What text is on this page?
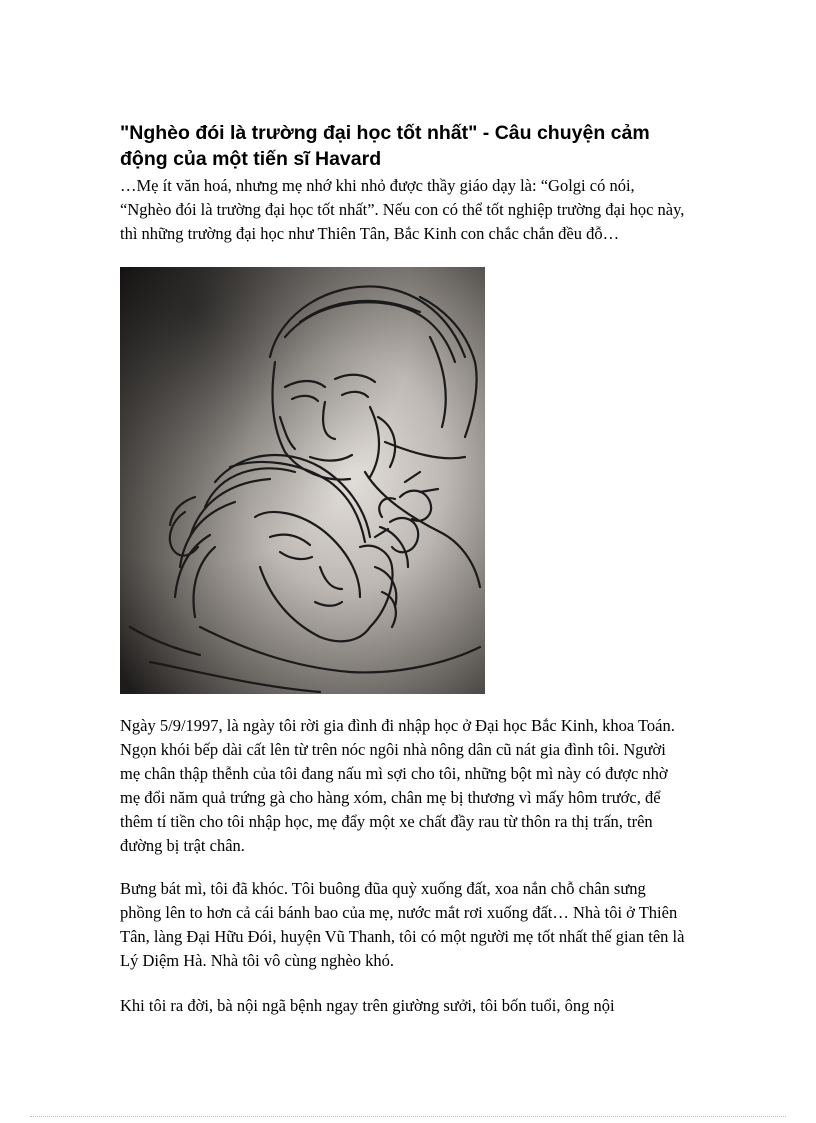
"Nghèo đói là trường đại học tốt nhất" - Câu chuyện cảm động của một tiến sĩ Havard

…Mẹ ít văn hoá, nhưng mẹ nhớ khi nhỏ được thầy giáo dạy là: “Golgi có nói, “Nghèo đói là trường đại học tốt nhất”. Nếu con có thể tốt nghiệp trường đại học này, thì những trường đại học như Thiên Tân, Bắc Kinh con chắc chắn đều đỗ…

Ngày 5/9/1997, là ngày tôi rời gia đình đi nhập học ở Đại học Bắc Kinh, khoa Toán. Ngọn khói bếp dài cất lên từ trên nóc ngôi nhà nông dân cũ nát gia đình tôi. Người mẹ chân thập thễnh của tôi đang nấu mì sợi cho tôi, những bột mì này có được nhờ mẹ đổi năm quả trứng gà cho hàng xóm, chân mẹ bị thương vì mấy hôm trước, để thêm tí tiền cho tôi nhập học, mẹ đẩy một xe chất đầy rau từ thôn ra thị trấn, trên đường bị trật chân.

Bưng bát mì, tôi đã khóc. Tôi buông đũa quỳ xuống đất, xoa nắn chỗ chân sưng phồng lên to hơn cả cái bánh bao của mẹ, nước mắt rơi xuống đất… Nhà tôi ở Thiên Tân, làng Đại Hữu Đói, huyện Vũ Thanh, tôi có một người mẹ tốt nhất thế gian tên là Lý Diệm Hà. Nhà tôi vô cùng nghèo khó.

Khi tôi ra đời, bà nội ngã bệnh ngay trên giường sưởi, tôi bốn tuổi, ông nội
